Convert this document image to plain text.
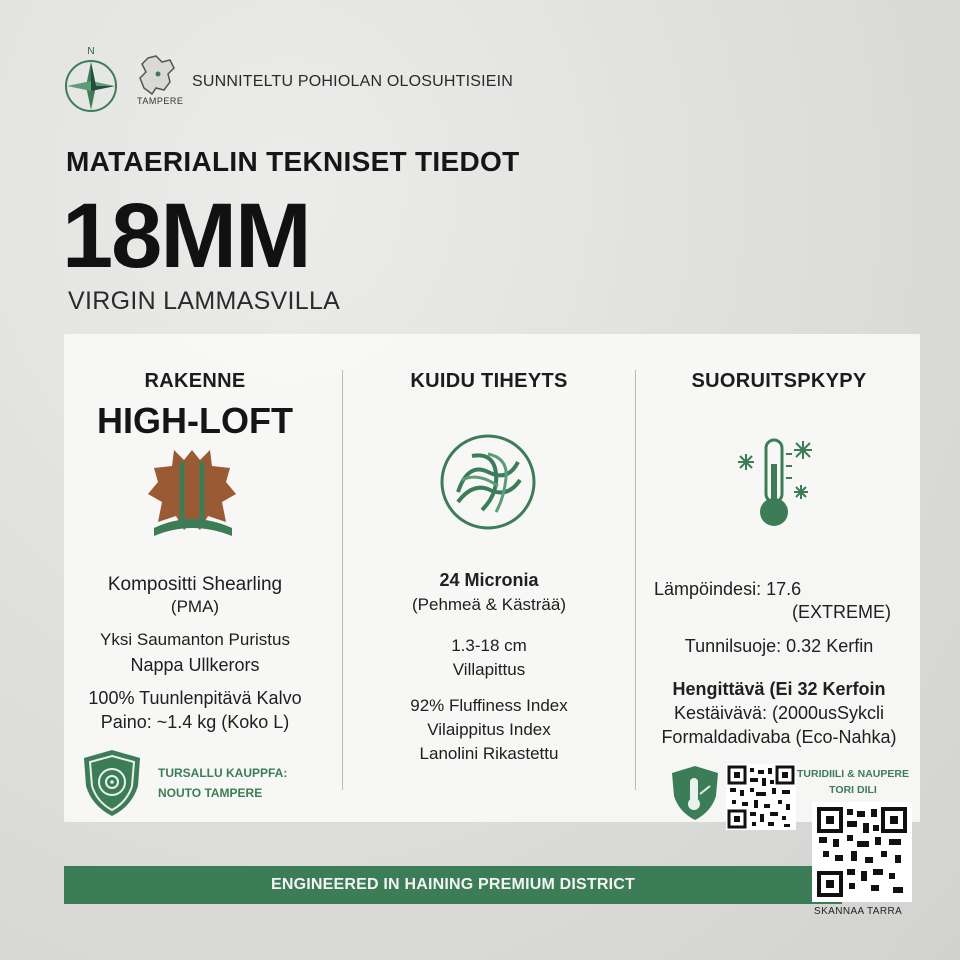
N
TAMPERE
SUNNITELTU POHIOLAN OLOSUHTISIEIN
MATAERIALIN TEKNISET TIEDOT
18MM
VIRGIN LAMMASVILLA
RAKENNE
HIGH-LOFT
Kompositti Shearling
(PMA)
Yksi Saumanton Puristus
Nappa Ullkerors
100% Tuunlenpitävä Kalvo
Paino: ~1.4 kg (Koko L)
TURSALLU KAUPPFA:
NOUTO TAMPERE
KUIDU TIHEYTS
24 Micronia
(Pehmeä & Kästrää)
1.3-18 cm
Villapittus
92% Fluffiness Index
Vilaippitus Index
Lanolini Rikastettu
SUORUITSPKYPY
Lämpöindesi: 17.6
(EXTREME)
Tunnilsuoje: 0.32 Kerfin
Hengittävä (Ei 32 Kerfoin
Kestäivävä: (2000usSykcli
Formaldadivaba (Eco-Nahka)
TURIDIILI & NAUPERE
TORI DILI
ENGINEERED IN HAINING PREMIUM DISTRICT
SKANNAA TARRA
